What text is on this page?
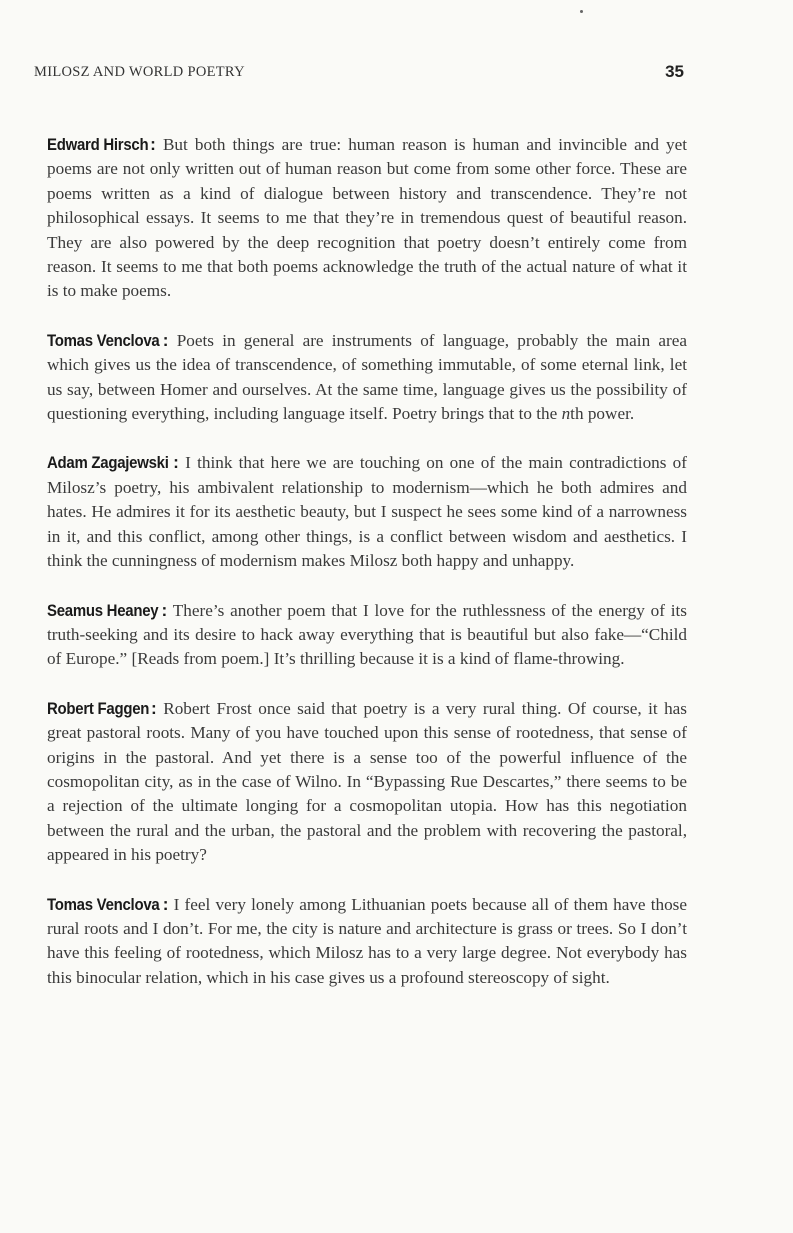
MILOSZ AND WORLD POETRY	35

Edward Hirsch : But both things are true: human reason is human and invincible and yet poems are not only written out of human reason but come from some other force. These are poems written as a kind of dialogue between history and transcendence. They’re not philosophical essays. It seems to me that they’re in tremendous quest of beautiful reason. They are also powered by the deep recognition that poetry doesn’t entirely come from reason. It seems to me that both poems acknowledge the truth of the actual nature of what it is to make poems.

Tomas Venclova : Poets in general are instruments of language, probably the main area which gives us the idea of transcendence, of something immutable, of some eternal link, let us say, between Homer and ourselves. At the same time, language gives us the possibility of questioning everything, including language itself. Poetry brings that to the nth power.

Adam Zagajewski : I think that here we are touching on one of the main contradictions of Milosz’s poetry, his ambivalent relationship to modernism—which he both admires and hates. He admires it for its aesthetic beauty, but I suspect he sees some kind of a narrowness in it, and this conflict, among other things, is a conflict between wisdom and aesthetics. I think the cunningness of modernism makes Milosz both happy and unhappy.

Seamus Heaney : There’s another poem that I love for the ruthlessness of the energy of its truth-seeking and its desire to hack away everything that is beautiful but also fake—“Child of Europe.” [Reads from poem.] It’s thrilling because it is a kind of flame-throwing.

Robert Faggen : Robert Frost once said that poetry is a very rural thing. Of course, it has great pastoral roots. Many of you have touched upon this sense of rootedness, that sense of origins in the pastoral. And yet there is a sense too of the powerful influence of the cosmopolitan city, as in the case of Wilno. In “Bypassing Rue Descartes,” there seems to be a rejection of the ultimate longing for a cosmopolitan utopia. How has this negotiation between the rural and the urban, the pastoral and the problem with recovering the pastoral, appeared in his poetry?

Tomas Venclova : I feel very lonely among Lithuanian poets because all of them have those rural roots and I don’t. For me, the city is nature and architecture is grass or trees. So I don’t have this feeling of rootedness, which Milosz has to a very large degree. Not everybody has this binocular relation, which in his case gives us a profound stereoscopy of sight.
